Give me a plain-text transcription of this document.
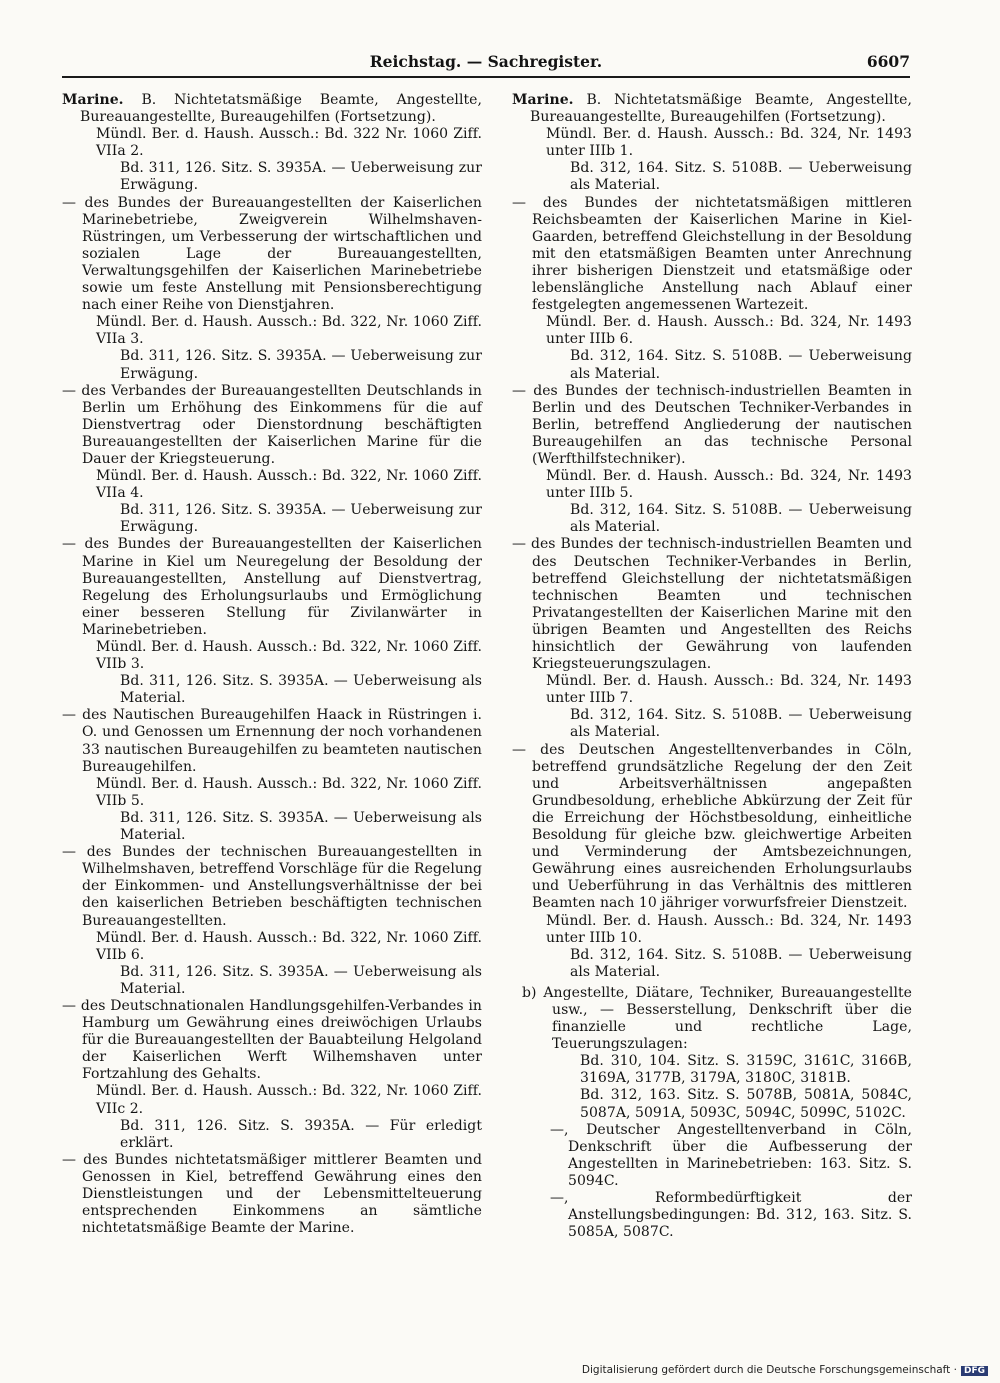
Reichstag. — Sachregister.	6607

Marine. B. Nichtetatsmäßige Beamte, Angestellte, Bureauangestellte, Bureaugehilfen (Fortsetzung).

Mündl. Ber. d. Haush. Aussch.: Bd. 322 Nr. 1060 Ziff. VIIa 2.

Bd. 311, 126. Sitz. S. 3935A. — Ueberweisung zur Erwägung.

— des Bundes der Bureauangestellten der Kaiserlichen Marinebetriebe, Zweigverein Wilhelmshaven-Rüstringen, um Verbesserung der wirtschaftlichen und sozialen Lage der Bureauangestellten, Verwaltungsgehilfen der Kaiserlichen Marinebetriebe sowie um feste Anstellung mit Pensionsberechtigung nach einer Reihe von Dienstjahren.

Mündl. Ber. d. Haush. Aussch.: Bd. 322, Nr. 1060 Ziff. VIIa 3.

Bd. 311, 126. Sitz. S. 3935A. — Ueberweisung zur Erwägung.

— des Verbandes der Bureauangestellten Deutschlands in Berlin um Erhöhung des Einkommens für die auf Dienstvertrag oder Dienstordnung beschäftigten Bureauangestellten der Kaiserlichen Marine für die Dauer der Kriegsteuerung.

Mündl. Ber. d. Haush. Aussch.: Bd. 322, Nr. 1060 Ziff. VIIa 4.

Bd. 311, 126. Sitz. S. 3935A. — Ueberweisung zur Erwägung.

— des Bundes der Bureauangestellten der Kaiserlichen Marine in Kiel um Neuregelung der Besoldung der Bureauangestellten, Anstellung auf Dienstvertrag, Regelung des Erholungsurlaubs und Ermöglichung einer besseren Stellung für Zivilanwärter in Marinebetrieben.

Mündl. Ber. d. Haush. Aussch.: Bd. 322, Nr. 1060 Ziff. VIIb 3.

Bd. 311, 126. Sitz. S. 3935A. — Ueberweisung als Material.

— des Nautischen Bureaugehilfen Haack in Rüstringen i. O. und Genossen um Ernennung der noch vorhandenen 33 nautischen Bureaugehilfen zu beamteten nautischen Bureaugehilfen.

Mündl. Ber. d. Haush. Aussch.: Bd. 322, Nr. 1060 Ziff. VIIb 5.

Bd. 311, 126. Sitz. S. 3935A. — Ueberweisung als Material.

— des Bundes der technischen Bureauangestellten in Wilhelmshaven, betreffend Vorschläge für die Regelung der Einkommen- und Anstellungsverhältnisse der bei den kaiserlichen Betrieben beschäftigten technischen Bureauangestellten.

Mündl. Ber. d. Haush. Aussch.: Bd. 322, Nr. 1060 Ziff. VIIb 6.

Bd. 311, 126. Sitz. S. 3935A. — Ueberweisung als Material.

— des Deutschnationalen Handlungsgehilfen-Verbandes in Hamburg um Gewährung eines dreiwöchigen Urlaubs für die Bureauangestellten der Bauabteilung Helgoland der Kaiserlichen Werft Wilhemshaven unter Fortzahlung des Gehalts.

Mündl. Ber. d. Haush. Aussch.: Bd. 322, Nr. 1060 Ziff. VIIc 2.

Bd. 311, 126. Sitz. S. 3935A. — Für erledigt erklärt.

— des Bundes nichtetatsmäßiger mittlerer Beamten und Genossen in Kiel, betreffend Gewährung eines den Dienstleistungen und der Lebensmittelteuerung entsprechenden Einkommens an sämtliche nichtetatsmäßige Beamte der Marine.

Marine. B. Nichtetatsmäßige Beamte, Angestellte, Bureauangestellte, Bureaugehilfen (Fortsetzung).

Mündl. Ber. d. Haush. Aussch.: Bd. 324, Nr. 1493 unter IIIb 1.

Bd. 312, 164. Sitz. S. 5108B. — Ueberweisung als Material.

— des Bundes der nichtetatsmäßigen mittleren Reichsbeamten der Kaiserlichen Marine in Kiel-Gaarden, betreffend Gleichstellung in der Besoldung mit den etatsmäßigen Beamten unter Anrechnung ihrer bisherigen Dienstzeit und etatsmäßige oder lebenslängliche Anstellung nach Ablauf einer festgelegten angemessenen Wartezeit.

Mündl. Ber. d. Haush. Aussch.: Bd. 324, Nr. 1493 unter IIIb 6.

Bd. 312, 164. Sitz. S. 5108B. — Ueberweisung als Material.

— des Bundes der technisch-industriellen Beamten in Berlin und des Deutschen Techniker-Verbandes in Berlin, betreffend Angliederung der nautischen Bureaugehilfen an das technische Personal (Werfthilfstechniker).

Mündl. Ber. d. Haush. Aussch.: Bd. 324, Nr. 1493 unter IIIb 5.

Bd. 312, 164. Sitz. S. 5108B. — Ueberweisung als Material.

— des Bundes der technisch-industriellen Beamten und des Deutschen Techniker-Verbandes in Berlin, betreffend Gleichstellung der nichtetatsmäßigen technischen Beamten und technischen Privatangestellten der Kaiserlichen Marine mit den übrigen Beamten und Angestellten des Reichs hinsichtlich der Gewährung von laufenden Kriegsteuerungszulagen.

Mündl. Ber. d. Haush. Aussch.: Bd. 324, Nr. 1493 unter IIIb 7.

Bd. 312, 164. Sitz. S. 5108B. — Ueberweisung als Material.

— des Deutschen Angestelltenverbandes in Cöln, betreffend grundsätzliche Regelung der den Zeit und Arbeitsverhältnissen angepaßten Grundbesoldung, erhebliche Abkürzung der Zeit für die Erreichung der Höchstbesoldung, einheitliche Besoldung für gleiche bzw. gleichwertige Arbeiten und Verminderung der Amtsbezeichnungen, Gewährung eines ausreichenden Erholungsurlaubs und Ueberführung in das Verhältnis des mittleren Beamten nach 10 jähriger vorwurfsfreier Dienstzeit.

Mündl. Ber. d. Haush. Aussch.: Bd. 324, Nr. 1493 unter IIIb 10.

Bd. 312, 164. Sitz. S. 5108B. — Ueberweisung als Material.

b) Angestellte, Diätare, Techniker, Bureauangestellte usw., — Besserstellung, Denkschrift über die finanzielle und rechtliche Lage, Teuerungszulagen:

Bd. 310, 104. Sitz. S. 3159C, 3161C, 3166B, 3169A, 3177B, 3179A, 3180C, 3181B.

Bd. 312, 163. Sitz. S. 5078B, 5081A, 5084C, 5087A, 5091A, 5093C, 5094C, 5099C, 5102C.

—, Deutscher Angestelltenverband in Cöln, Denkschrift über die Aufbesserung der Angestellten in Marinebetrieben: 163. Sitz. S. 5094C.

—, Reformbedürftigkeit der Anstellungsbedingungen: Bd. 312, 163. Sitz. S. 5085A, 5087C.

Digitalisierung gefördert durch die Deutsche Forschungsgemeinschaft · DFG
